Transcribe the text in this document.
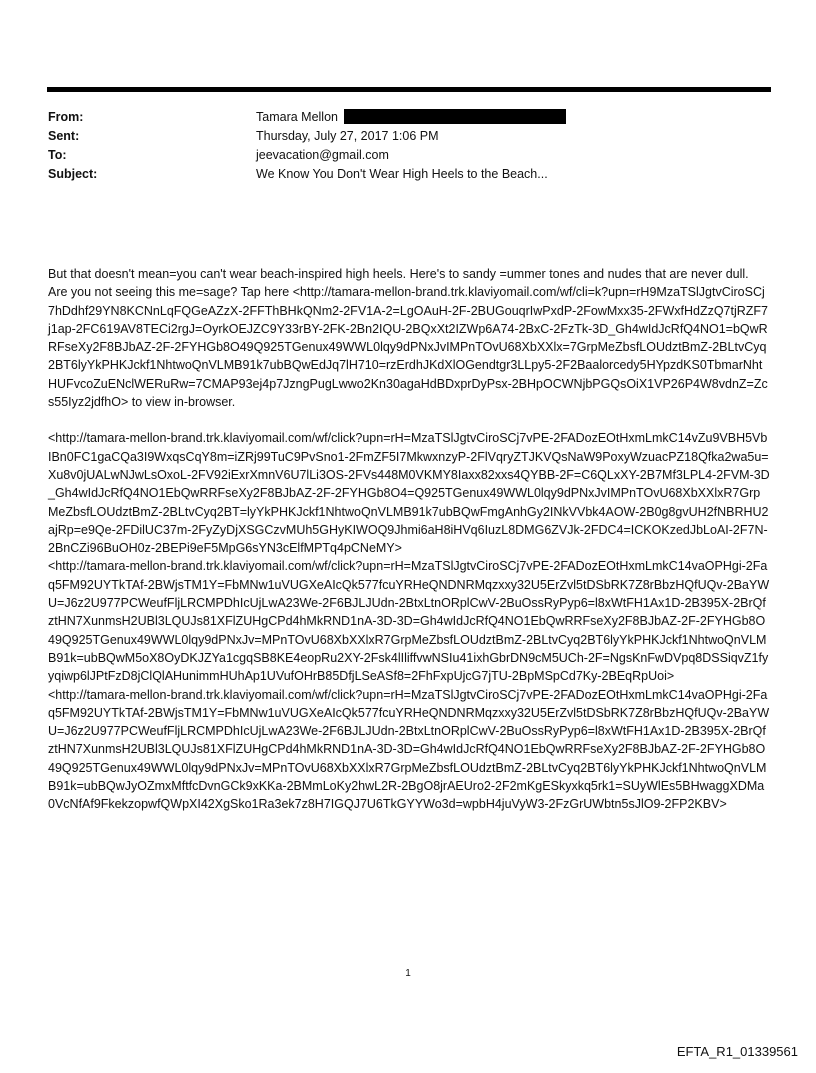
From:	Tamara Mellon
Sent:	Thursday, July 27, 2017 1:06 PM
To:	jeevacation@gmail.com
Subject:	We Know You Don't Wear High Heels to the Beach...

But that doesn't mean=you can't wear beach-inspired high heels. Here's to sandy =ummer tones and nudes that are never dull.

Are you not seeing this me=sage? Tap here <http://tamara-mellon-brand.trk.klaviyomail.com/wf/cli=k?upn=rH9MzaTSlJgtvCiroSCj7hDdhf29YN8KCNnLqFQGeAZzX-2FFThBHkQNm2-2FV1A-2=LgOAuH-2F-2BUGouqrIwPxdP-2FowMxx35-2FWxfHdZzQ7tjRZF7j1ap-2FC619AV8TECi2rgJ=OyrkOEJZC9Y33rBY-2FK-2Bn2IQU-2BQxXt2IZWp6A74-2BxC-2FzTk-3D_Gh4wIdJcRfQ4NO1=bQwRRFseXy2F8BJbAZ-2F-2FYHGb8O49Q925TGenux49WWL0lqy9dPNxJvIMPnTOvU68XbXXlx=7GrpMeZbsfLOUdztBmZ-2BLtvCyq2BT6lyYkPHKJckf1NhtwoQnVLMB91k7ubBQwEdJq7lH710=rzErdhJKdXlOGendtgr3LLpy5-2F2Baalorcedy5HYpzdKS0TbmarNhtHUFvcoZuENclWERuRw=7CMAP93ej4p7JzngPugLwwo2Kn30agaHdBDxprDyPsx-2BHpOCWNjbPGQsOiX1VP26P4W8vdnZ=Zcs55Iyz2jdfhO> to view in-browser.

<http://tamara-mellon-brand.trk.klaviyomail.com/wf/click?upn=rH=MzaTSlJgtvCiroSCj7vPE-2FADozEOtHxmLmkC14vZu9VBH5VbIBn0FC1gaCQa3I9WxqsCqY8m=iZRj99TuC9PvSno1-2FmZF5I7MkwxnzyP-2FlVqryZTJKVQsNaW9PoxyWzuacPZ18Qfka2wa5u=Xu8v0jUALwNJwLsOxoL-2FV92iExrXmnV6U7lLi3OS-2FVs448M0VKMY8Iaxx82xxs4QYBB-2F=C6QLxXY-2B7Mf3LPL4-2FVM-3D_Gh4wIdJcRfQ4NO1EbQwRRFseXy2F8BJbAZ-2F-2FYHGb8O4=Q925TGenux49WWL0lqy9dPNxJvIMPnTOvU68XbXXlxR7GrpMeZbsfLOUdztBmZ-2BLtvCyq2BT=lyYkPHKJckf1NhtwoQnVLMB91k7ubBQwFmgAnhGy2INkVVbk4AOW-2B0g8gvUH2fNBRHU2ajRp=e9Qe-2FDilUC37m-2FyZyDjXSGCzvMUh5GHyKIWOQ9Jhmi6aH8iHVq6IuzL8DMG6ZVJk-2FDC4=ICKOKzedJbLoAI-2F7N-2BnCZi96BuOH0z-2BEPi9eF5MpG6sYN3cElfMPTq4pCNeMY>

<http://tamara-mellon-brand.trk.klaviyomail.com/wf/click?upn=rH=MzaTSlJgtvCiroSCj7vPE-2FADozEOtHxmLmkC14vaOPHgi-2Faq5FM92UYTkTAf-2BWjsTM1Y=FbMNw1uVUGXeAIcQk577fcuYRHeQNDNRMqzxxy32U5ErZvl5tDSbRK7Z8rBbzHQfUQv-2BaYWU=J6z2U977PCWeufFljLRCMPDhIcUjLwA23We-2F6BJLJUdn-2BtxLtnORplCwV-2BuOssRyPyp6=l8xWtFH1Ax1D-2B395X-2BrQfztHN7XunmsH2UBl3LQUJs81XFlZUHgCPd4hMkRND1nA-3D-3D=Gh4wIdJcRfQ4NO1EbQwRRFseXy2F8BJbAZ-2F-2FYHGb8O49Q925TGenux49WWL0lqy9dPNxJv=MPnTOvU68XbXXlxR7GrpMeZbsfLOUdztBmZ-2BLtvCyq2BT6lyYkPHKJckf1NhtwoQnVLMB91k=ubBQwM5oX8OyDKJZYa1cgqSB8KE4eopRu2XY-2Fsk4lIliffvwNSIu41ixhGbrDN9cM5UCh-2F=NgsKnFwDVpq8DSSiqvZ1fyyqiwp6lJPtFzD8jClQlAHunimmHUhAp1UVufOHrB85DfjLSeASf8=2FhFxpUjcG7jTU-2BpMSpCd7Ky-2BEqRpUoi>

<http://tamara-mellon-brand.trk.klaviyomail.com/wf/click?upn=rH=MzaTSlJgtvCiroSCj7vPE-2FADozEOtHxmLmkC14vaOPHgi-2Faq5FM92UYTkTAf-2BWjsTM1Y=FbMNw1uVUGXeAIcQk577fcuYRHeQNDNRMqzxxy32U5ErZvl5tDSbRK7Z8rBbzHQfUQv-2BaYWU=J6z2U977PCWeufFljLRCMPDhIcUjLwA23We-2F6BJLJUdn-2BtxLtnORplCwV-2BuOssRyPyp6=l8xWtFH1Ax1D-2B395X-2BrQfztHN7XunmsH2UBl3LQUJs81XFlZUHgCPd4hMkRND1nA-3D-3D=Gh4wIdJcRfQ4NO1EbQwRRFseXy2F8BJbAZ-2F-2FYHGb8O49Q925TGenux49WWL0lqy9dPNxJv=MPnTOvU68XbXXlxR7GrpMeZbsfLOUdztBmZ-2BLtvCyq2BT6lyYkPHKJckf1NhtwoQnVLMB91k=ubBQwJyOZmxMftfcDvnGCk9xKKa-2BMmLoKy2hwL2R-2BgO8jrAEUro2-2F2mKgESkyxkq5rk1=SUyWlEs5BHwaggXDMa0VcNfAf9FkekzopwfQWpXI42XgSko1Ra3ek7z8H7IGQJ7U6TkGYYWo3d=wpbH4juVyW3-2FzGrUWbtn5sJlO9-2FP2KBV>

1
EFTA_R1_01339561
